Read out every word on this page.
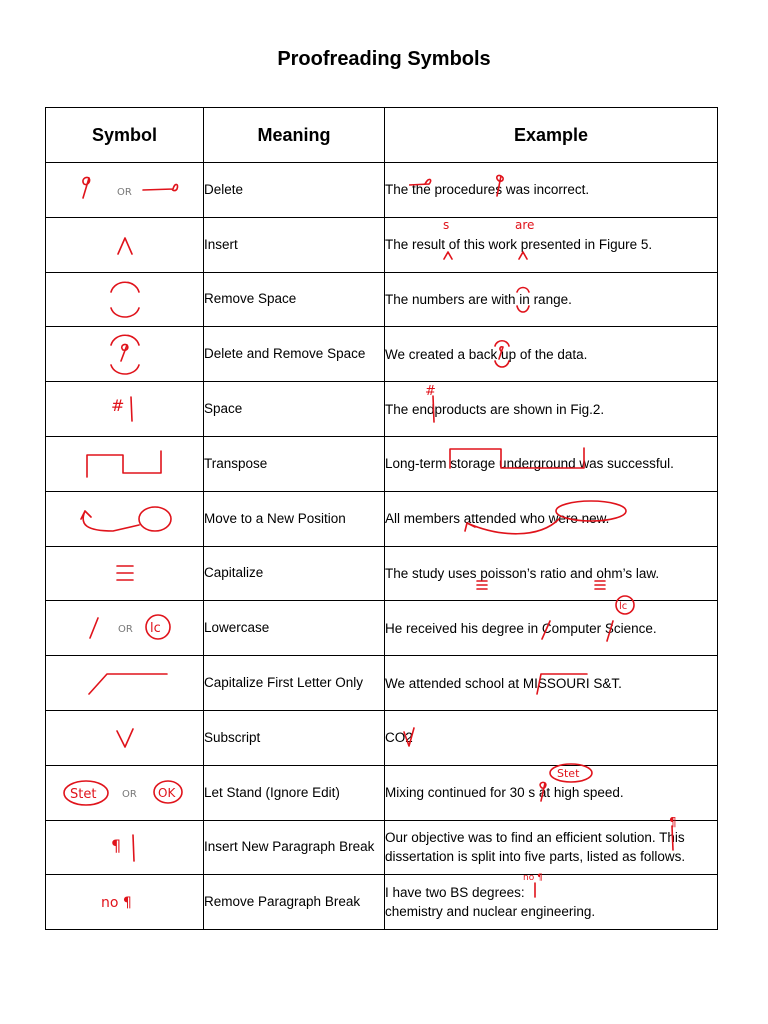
Proofreading Symbols
Symbol	Meaning	Example

OR	Delete	The the procedures was incorrect.

	Insert	The result of this work presented in Figure 5.
s are

	Remove Space	The numbers are with in range.

	Delete and Remove Space	We created a back up of the data.

#	Space	The endproducts are shown in Fig.2.
#

	Transpose	Long-term storage underground was successful.

	Move to a New Position	All members attended who were new.

	Capitalize	The study uses poisson’s ratio and ohm’s law.

OR lc	Lowercase	He received his degree in Computer Science.
lc

	Capitalize First Letter Only	We attended school at MISSOURI S&T.

	Subscript	CO2

Stet OR OK	Let Stand (Ignore Edit)	Mixing continued for 30 s at high speed.
Stet

¶	Insert New Paragraph Break	Our objective was to find an efficient solution. This
dissertation is split into five parts, listed as follows.
¶

no ¶	Remove Paragraph Break	I have two BS degrees:
chemistry and nuclear engineering.
no ¶
